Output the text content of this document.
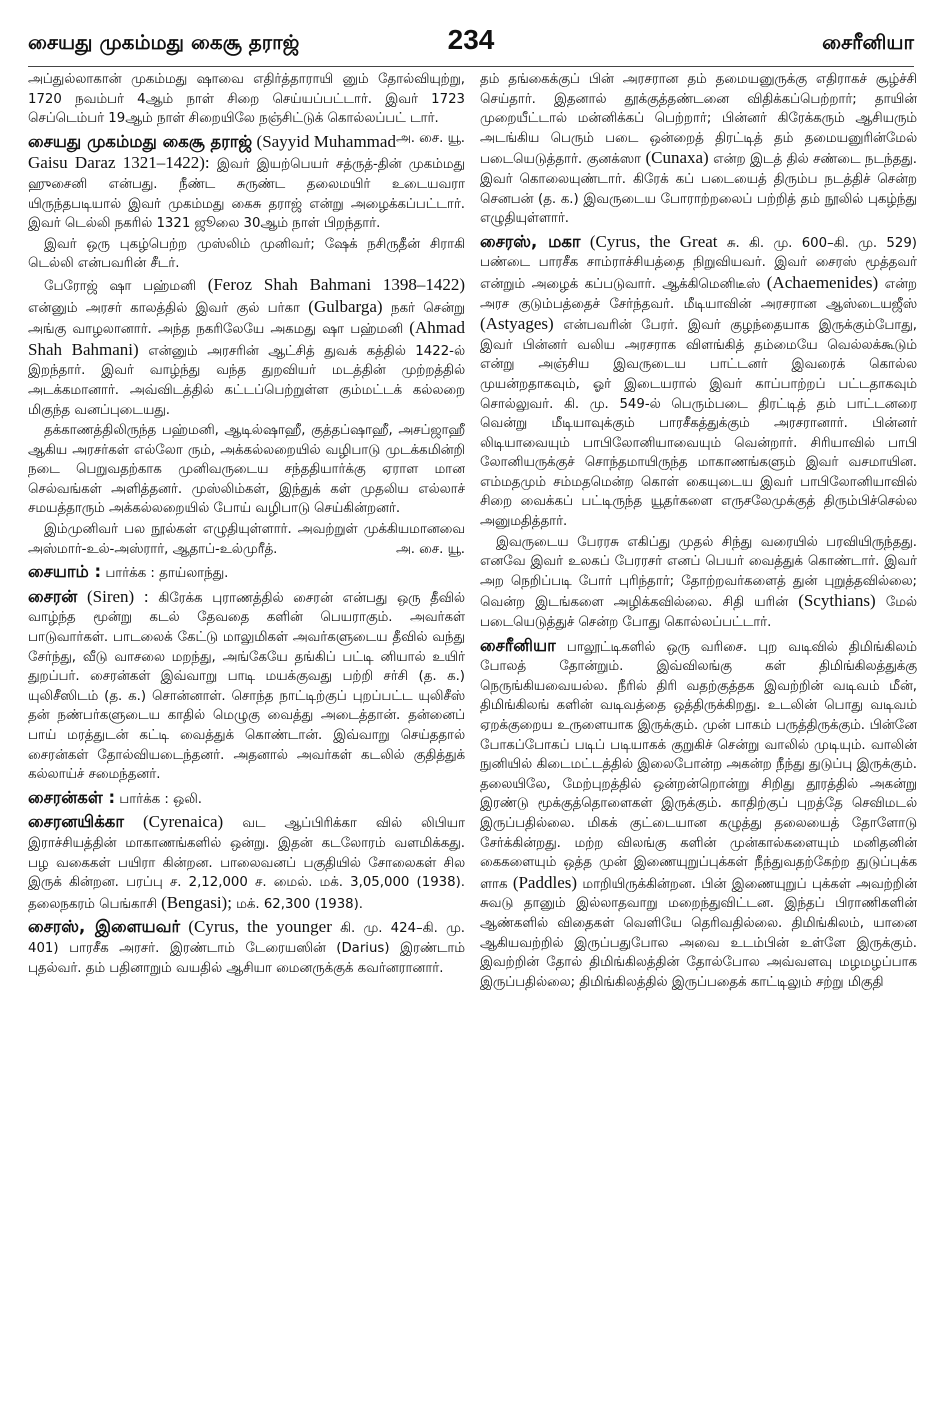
சையது முகம்மது கைசூ தராஜ்	234	சைரீனியா

அப்துல்லாகான் முகம்மது ஷாவை எதிர்த்தாராயி னும் தோல்வியுற்று, 1720 நவம்பர் 4ஆம் நாள் சிறை செய்யப்பட்டார். இவர் 1723 செப்டெம்பர் 19ஆம் நாள் சிறையிலே நஞ்சிட்டுக் கொல்லப்பட் டார்.
அ. சை. யூ.

சையது முகம்மது கைசூ தராஜ் (Sayyid Muhammad Gaisu Daraz 1321–1422): இவர் இயற்பெயர் சத்ருத்-தின் முகம்மது ஹுசைனி என்பது. நீண்ட சுருண்ட தலைமயிர் உடையவரா யிருந்தபடியால் இவர் முகம்மது கைசு தராஜ் என்று அழைக்கப்பட்டார். இவர் டெல்லி நகரில் 1321 ஜூலை 30ஆம் நாள் பிறந்தார்.

இவர் ஒரு புகழ்பெற்ற முஸ்லிம் முனிவர்; ஷேக் நசிருதீன் சிராகி டெல்லி என்பவரின் சீடர்.

பேரோஜ் ஷா பஹ்மனி (Feroz Shah Bahmani 1398–1422) என்னும் அரசர் காலத்தில் இவர் குல் பர்கா (Gulbarga) நகர் சென்று அங்கு வாழலானார். அந்த நகரிலேயே அகமது ஷா பஹ்மனி (Ahmad Shah Bahmani) என்னும் அரசரின் ஆட்சித் துவக் கத்தில் 1422-ல் இறந்தார். இவர் வாழ்ந்து வந்த துறவியர் மடத்தின் முற்றத்தில் அடக்கமானார். அவ்விடத்தில் கட்டப்பெற்றுள்ள கும்மட்டக் கல்லறை மிகுந்த வனப்புடையது.

தக்காணத்திலிருந்த பஹ்மனி, ஆடில்ஷாஹீ, குத்தப்ஷாஹீ, அசப்ஜாஹீ ஆகிய அரசர்கள் எல்லோ ரும், அக்கல்லறையில் வழிபாடு முடக்கமின்றி நடை பெறுவதற்காக முனிவருடைய சந்ததியார்க்கு ஏராள மான செல்வங்கள் அளித்தனர். முஸ்லிம்கள், இந்துக் கள் முதலிய எல்லாச் சமயத்தாரும் அக்கல்லறையில் போய் வழிபாடு செய்கின்றனர்.

இம்முனிவர் பல நூல்கள் எழுதியுள்ளார். அவற்றுள் முக்கியமானவை அஸ்மார்-உல்-அஸ்ரார், ஆதாப்-உல்முரீத்.	அ. சை. யூ.

சையாம் : பார்க்க : தாய்லாந்து.

சைரன் (Siren) : கிரேக்க புராணத்தில் சைரன் என்பது ஒரு தீவில் வாழ்ந்த மூன்று கடல் தேவதை களின் பெயராகும். அவர்கள் பாடுவார்கள். பாடலைக் கேட்டு மாலுமிகள் அவர்களுடைய தீவில் வந்து சேர்ந்து, வீடு வாசலை மறந்து, அங்கேயே தங்கிப் பட்டி னியால் உயிர் துறப்பர். சைரன்கள் இவ்வாறு பாடி மயக்குவது பற்றி சர்சி (த. க.) யுலிசீஸிடம் (த. க.) சொன்னாள். சொந்த நாட்டிற்குப் புறப்பட்ட யுலிசீஸ் தன் நண்பர்களுடைய காதில் மெழுகு வைத்து அடைத்தான். தன்னைப் பாய் மரத்துடன் கட்டி வைத்துக் கொண்டான். இவ்வாறு செய்ததால் சைரன்கள் தோல்வியடைந்தனர். அதனால் அவர்கள் கடலில் குதித்துக் கல்லாய்ச் சமைந்தனர்.

சைரன்கள் : பார்க்க : ஒலி.

சைரனயிக்கா (Cyrenaica) வட ஆப்பிரிக்கா வில் லிபியா இராச்சியத்தின் மாகாணங்களில் ஒன்று. இதன் கடலோரம் வளமிக்கது. பழ வகைகள் பயிரா கின்றன. பாலைவனப் பகுதியில் சோலைகள் சில இருக் கின்றன. பரப்பு ச. 2,12,000 ச. மைல். மக். 3,05,000 (1938). தலைநகரம் பெங்காசி (Bengasi); மக். 62,300 (1938).

சைரஸ், இளையவர் (Cyrus, the younger கி. மு. 424–கி. மு. 401) பாரசீக அரசர். இரண்டாம் டேரையஸின் (Darius) இரண்டாம் புதல்வர். தம் பதினாறும் வயதில் ஆசியா மைனருக்குக் கவர்னரானார்.

தம் தங்கைக்குப் பின் அரசரான தம் தமையனுருக்கு எதிராகச் சூழ்ச்சி செய்தார். இதனால் தூக்குத்தண்டனை விதிக்கப்பெற்றார்; தாயின் முறையீட்டால் மன்னிக்கப் பெற்றார்; பின்னர் கிரேக்கரும் ஆசியரும் அடங்கிய பெரும் படை ஒன்றைத் திரட்டித் தம் தமையனுரின்மேல் படையெடுத்தார். குனக்ஸா (Cunaxa) என்ற இடத் தில் சண்டை நடந்தது. இவர் கொலையுண்டார். கிரேக் கப் படையைத் திரும்ப நடத்திச் சென்ற செனபன் (த. க.) இவருடைய போராற்றலைப் பற்றித் தம் நூலில் புகழ்ந்து எழுதியுள்ளார்.

சைரஸ், மகா (Cyrus, the Great சு. கி. மு. 600–கி. மு. 529) பண்டை பாரசீக சாம்ராச்சியத்தை நிறுவியவர். இவர் சைரஸ் மூத்தவர் என்றும் அழைக் கப்படுவார். ஆக்கிமெனிடீஸ் (Achaemenides) என்ற அரச குடும்பத்தைச் சேர்ந்தவர். மீடியாவின் அரசரான ஆஸ்டையஜீஸ் (Astyages) என்பவரின் பேரர். இவர் குழந்தையாக இருக்கும்போது, இவர் பின்னர் வலிய அரசராக விளங்கித் தம்மையே வெல்லக்கூடும் என்று அஞ்சிய இவருடைய பாட்டனர் இவரைக் கொல்ல முயன்றதாகவும், ஓர் இடையரால் இவர் காப்பாற்றப் பட்டதாகவும் சொல்லுவர். கி. மு. 549-ல் பெரும்படை திரட்டித் தம் பாட்டனரை வென்று மீடியாவுக்கும் பாரசீகத்துக்கும் அரசரானார். பின்னர் லிடியாவையும் பாபிலோனியாவையும் வென்றார். சிரியாவில் பாபி லோனியருக்குச் சொந்தமாயிருந்த மாகாணங்களும் இவர் வசமாயின. எம்மதமும் சம்மதமென்ற கொள் கையுடைய இவர் பாபிலோனியாவில் சிறை வைக்கப் பட்டிருந்த யூதர்களை எருசலேமுக்குத் திரும்பிச்செல்ல அனுமதித்தார்.

இவருடைய பேரரசு எகிப்து முதல் சிந்து வரையில் பரவியிருந்தது. எனவே இவர் உலகப் பேரரசர் எனப் பெயர் வைத்துக் கொண்டார். இவர் அற நெறிப்படி போர் புரிந்தார்; தோற்றவர்களைத் துன் புறுத்தவில்லை; வென்ற இடங்களை அழிக்கவில்லை. சிதி யரின் (Scythians) மேல் படையெடுத்துச் சென்ற போது கொல்லப்பட்டார்.

சைரீனியா பாலூட்டிகளில் ஒரு வரிசை. புற வடிவில் திமிங்கிலம் போலத் தோன்றும். இவ்விலங்கு கள் திமிங்கிலத்துக்கு நெருங்கியவையல்ல. நீரில் திரி வதற்குத்தக இவற்றின் வடிவம் மீன், திமிங்கிலங் களின் வடிவத்தை ஒத்திருக்கிறது. உடலின் பொது வடிவம் ஏறக்குறைய உருளையாக இருக்கும். முன் பாகம் பருத்திருக்கும். பின்னே போகப்போகப் படிப் படியாகக் குறுகிச் சென்று வாலில் முடியும். வாலின் நுனியில் கிடைமட்டத்தில் இலைபோன்ற அகன்ற நீந்து துடுப்பு இருக்கும். தலையிலே, மேற்புறத்தில் ஒன்றன்றொன்று சிறிது தூரத்தில் அகன்று இரண்டு மூக்குத்தொளைகள் இருக்கும். காதிற்குப் புறத்தே செவிமடல் இருப்பதில்லை. மிகக் குட்டையான கழுத்து தலையைத் தோளோடு சேர்க்கின்றது. மற்ற விலங்கு களின் முன்கால்களையும் மனிதனின் கைகளையும் ஒத்த முன் இணையுறுப்புக்கள் நீந்துவதற்கேற்ற துடுப்புக்க ளாக (Paddles) மாறியிருக்கின்றன. பின் இணையுறுப் புக்கள் அவற்றின் சுவடு தானும் இல்லாதவாறு மறைந்துவிட்டன. இந்தப் பிராணிகளின் ஆண்களில் விதைகள் வெளியே தெரிவதில்லை. திமிங்கிலம், யானை ஆகியவற்றில் இருப்பதுபோல அவை உடம்பின் உள்ளே இருக்கும். இவற்றின் தோல் திமிங்கிலத்தின் தோல்போல அவ்வளவு மழமழப்பாக இருப்பதில்லை; திமிங்கிலத்தில் இருப்பதைக் காட்டிலும் சற்று மிகுதி
